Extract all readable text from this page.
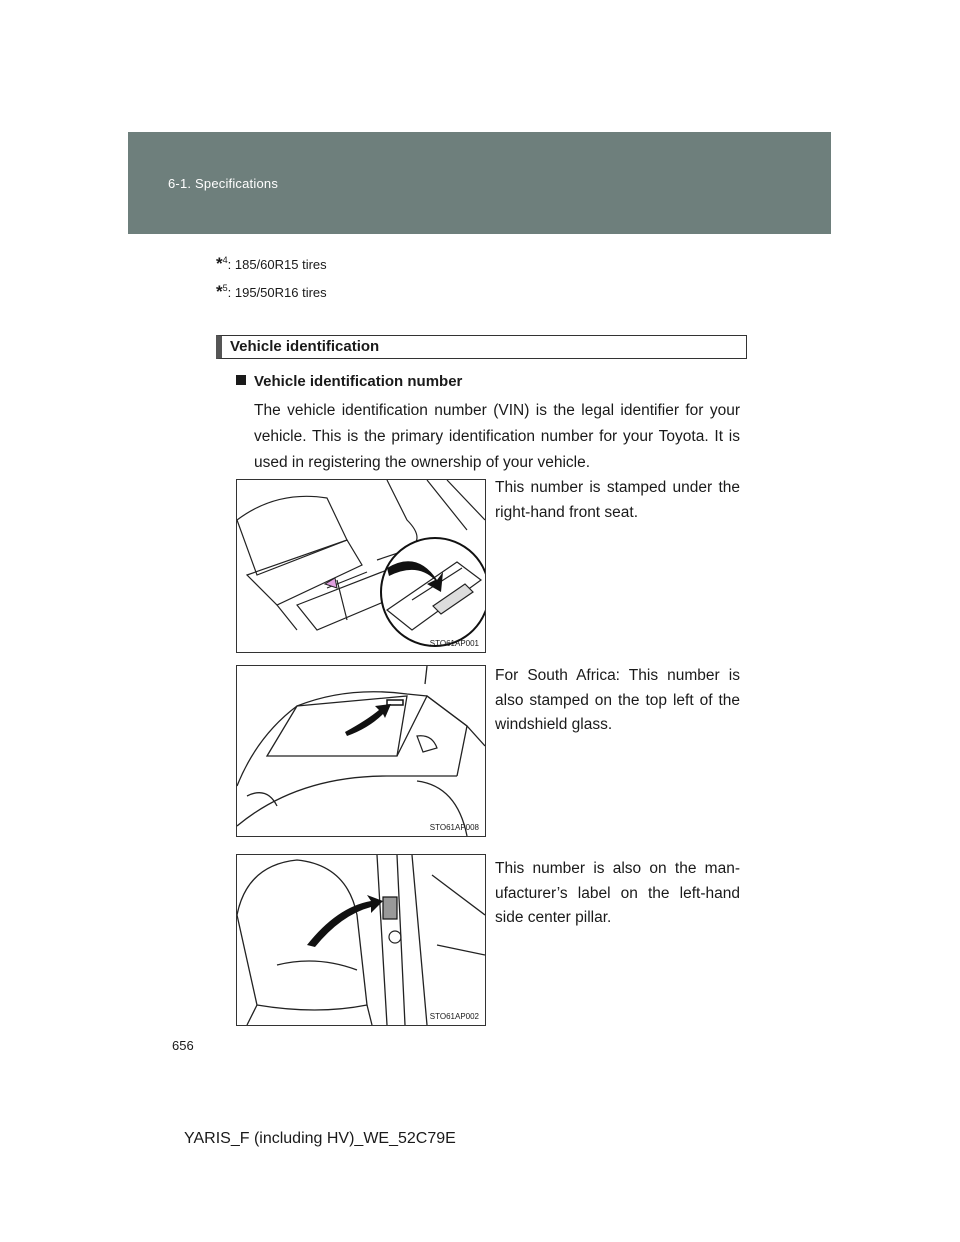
6-1. Specifications
*$^4$: 185/60R15 tires
*$^5$: 195/50R16 tires
Vehicle identification
Vehicle identification number
The vehicle identification number (VIN) is the legal identifier for your vehicle. This is the primary identification number for your Toyota. It is used in registering the ownership of your vehicle.
STO61AP001
This number is stamped under the right-hand front seat.
STO61AP008
For South Africa: This number is also stamped on the top left of the windshield glass.
STO61AP002
This number is also on the man-ufacturer’s label on the left-hand side center pillar.
656
YARIS_F (including HV)_WE_52C79E
